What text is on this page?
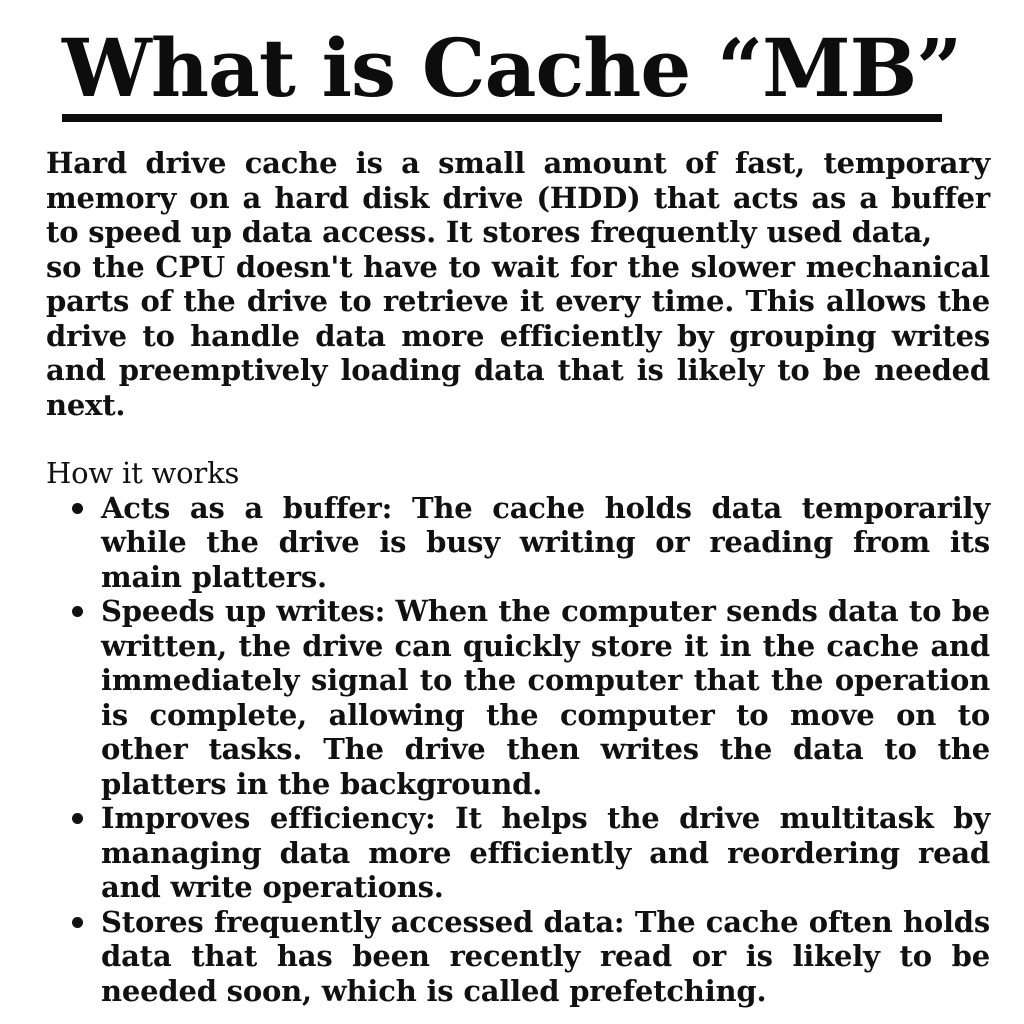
What is Cache “MB”

Hard drive cache is a small amount of fast, temporary memory on a hard disk drive (HDD) that acts as a buffer to speed up data access. It stores frequently used data,
so the CPU doesn't have to wait for the slower mechanical parts of the drive to retrieve it every time. This allows the drive to handle data more efficiently by grouping writes and preemptively loading data that is likely to be needed next.

How it works
Acts as a buffer: The cache holds data temporarily while the drive is busy writing or reading from its main platters.
Speeds up writes: When the computer sends data to be written, the drive can quickly store it in the cache and immediately signal to the computer that the operation is complete, allowing the computer to move on to other tasks. The drive then writes the data to the platters in the background.
Improves efficiency: It helps the drive multitask by managing data more efficiently and reordering read and write operations.
Stores frequently accessed data: The cache often holds data that has been recently read or is likely to be needed soon, which is called prefetching.
